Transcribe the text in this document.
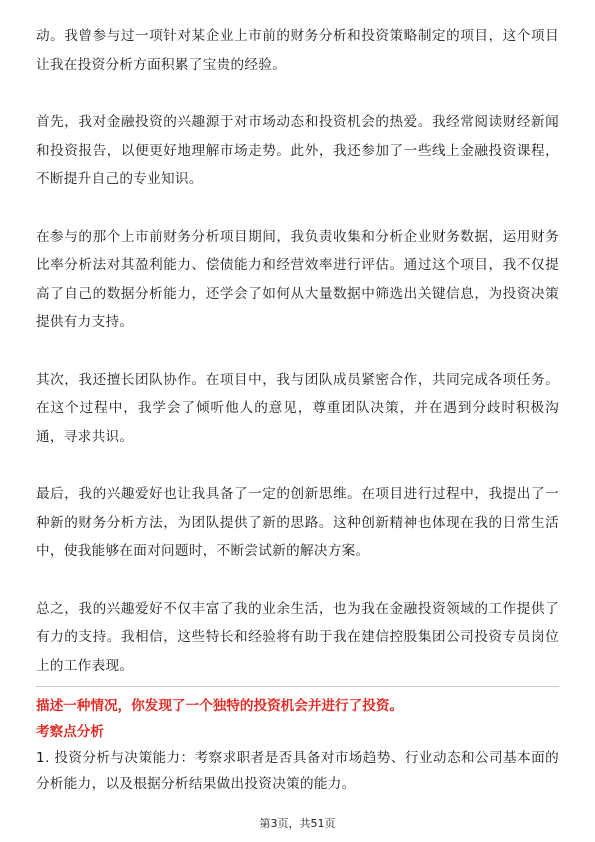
动。我曾参与过一项针对某企业上市前的财务分析和投资策略制定的项目，这个项目让我在投资分析方面积累了宝贵的经验。

首先，我对金融投资的兴趣源于对市场动态和投资机会的热爱。我经常阅读财经新闻和投资报告，以便更好地理解市场走势。此外，我还参加了一些线上金融投资课程，不断提升自己的专业知识。

在参与的那个上市前财务分析项目期间，我负责收集和分析企业财务数据，运用财务比率分析法对其盈利能力、偿债能力和经营效率进行评估。通过这个项目，我不仅提高了自己的数据分析能力，还学会了如何从大量数据中筛选出关键信息，为投资决策提供有力支持。

其次，我还擅长团队协作。在项目中，我与团队成员紧密合作，共同完成各项任务。在这个过程中，我学会了倾听他人的意见，尊重团队决策，并在遇到分歧时积极沟通，寻求共识。

最后，我的兴趣爱好也让我具备了一定的创新思维。在项目进行过程中，我提出了一种新的财务分析方法，为团队提供了新的思路。这种创新精神也体现在我的日常生活中，使我能够在面对问题时，不断尝试新的解决方案。

总之，我的兴趣爱好不仅丰富了我的业余生活，也为我在金融投资领域的工作提供了有力的支持。我相信，这些特长和经验将有助于我在建信控股集团公司投资专员岗位上的工作表现。

描述一种情况，你发现了一个独特的投资机会并进行了投资。

考察点分析

1. 投资分析与决策能力：考察求职者是否具备对市场趋势、行业动态和公司基本面的分析能力，以及根据分析结果做出投资决策的能力。

第3页，共51页
